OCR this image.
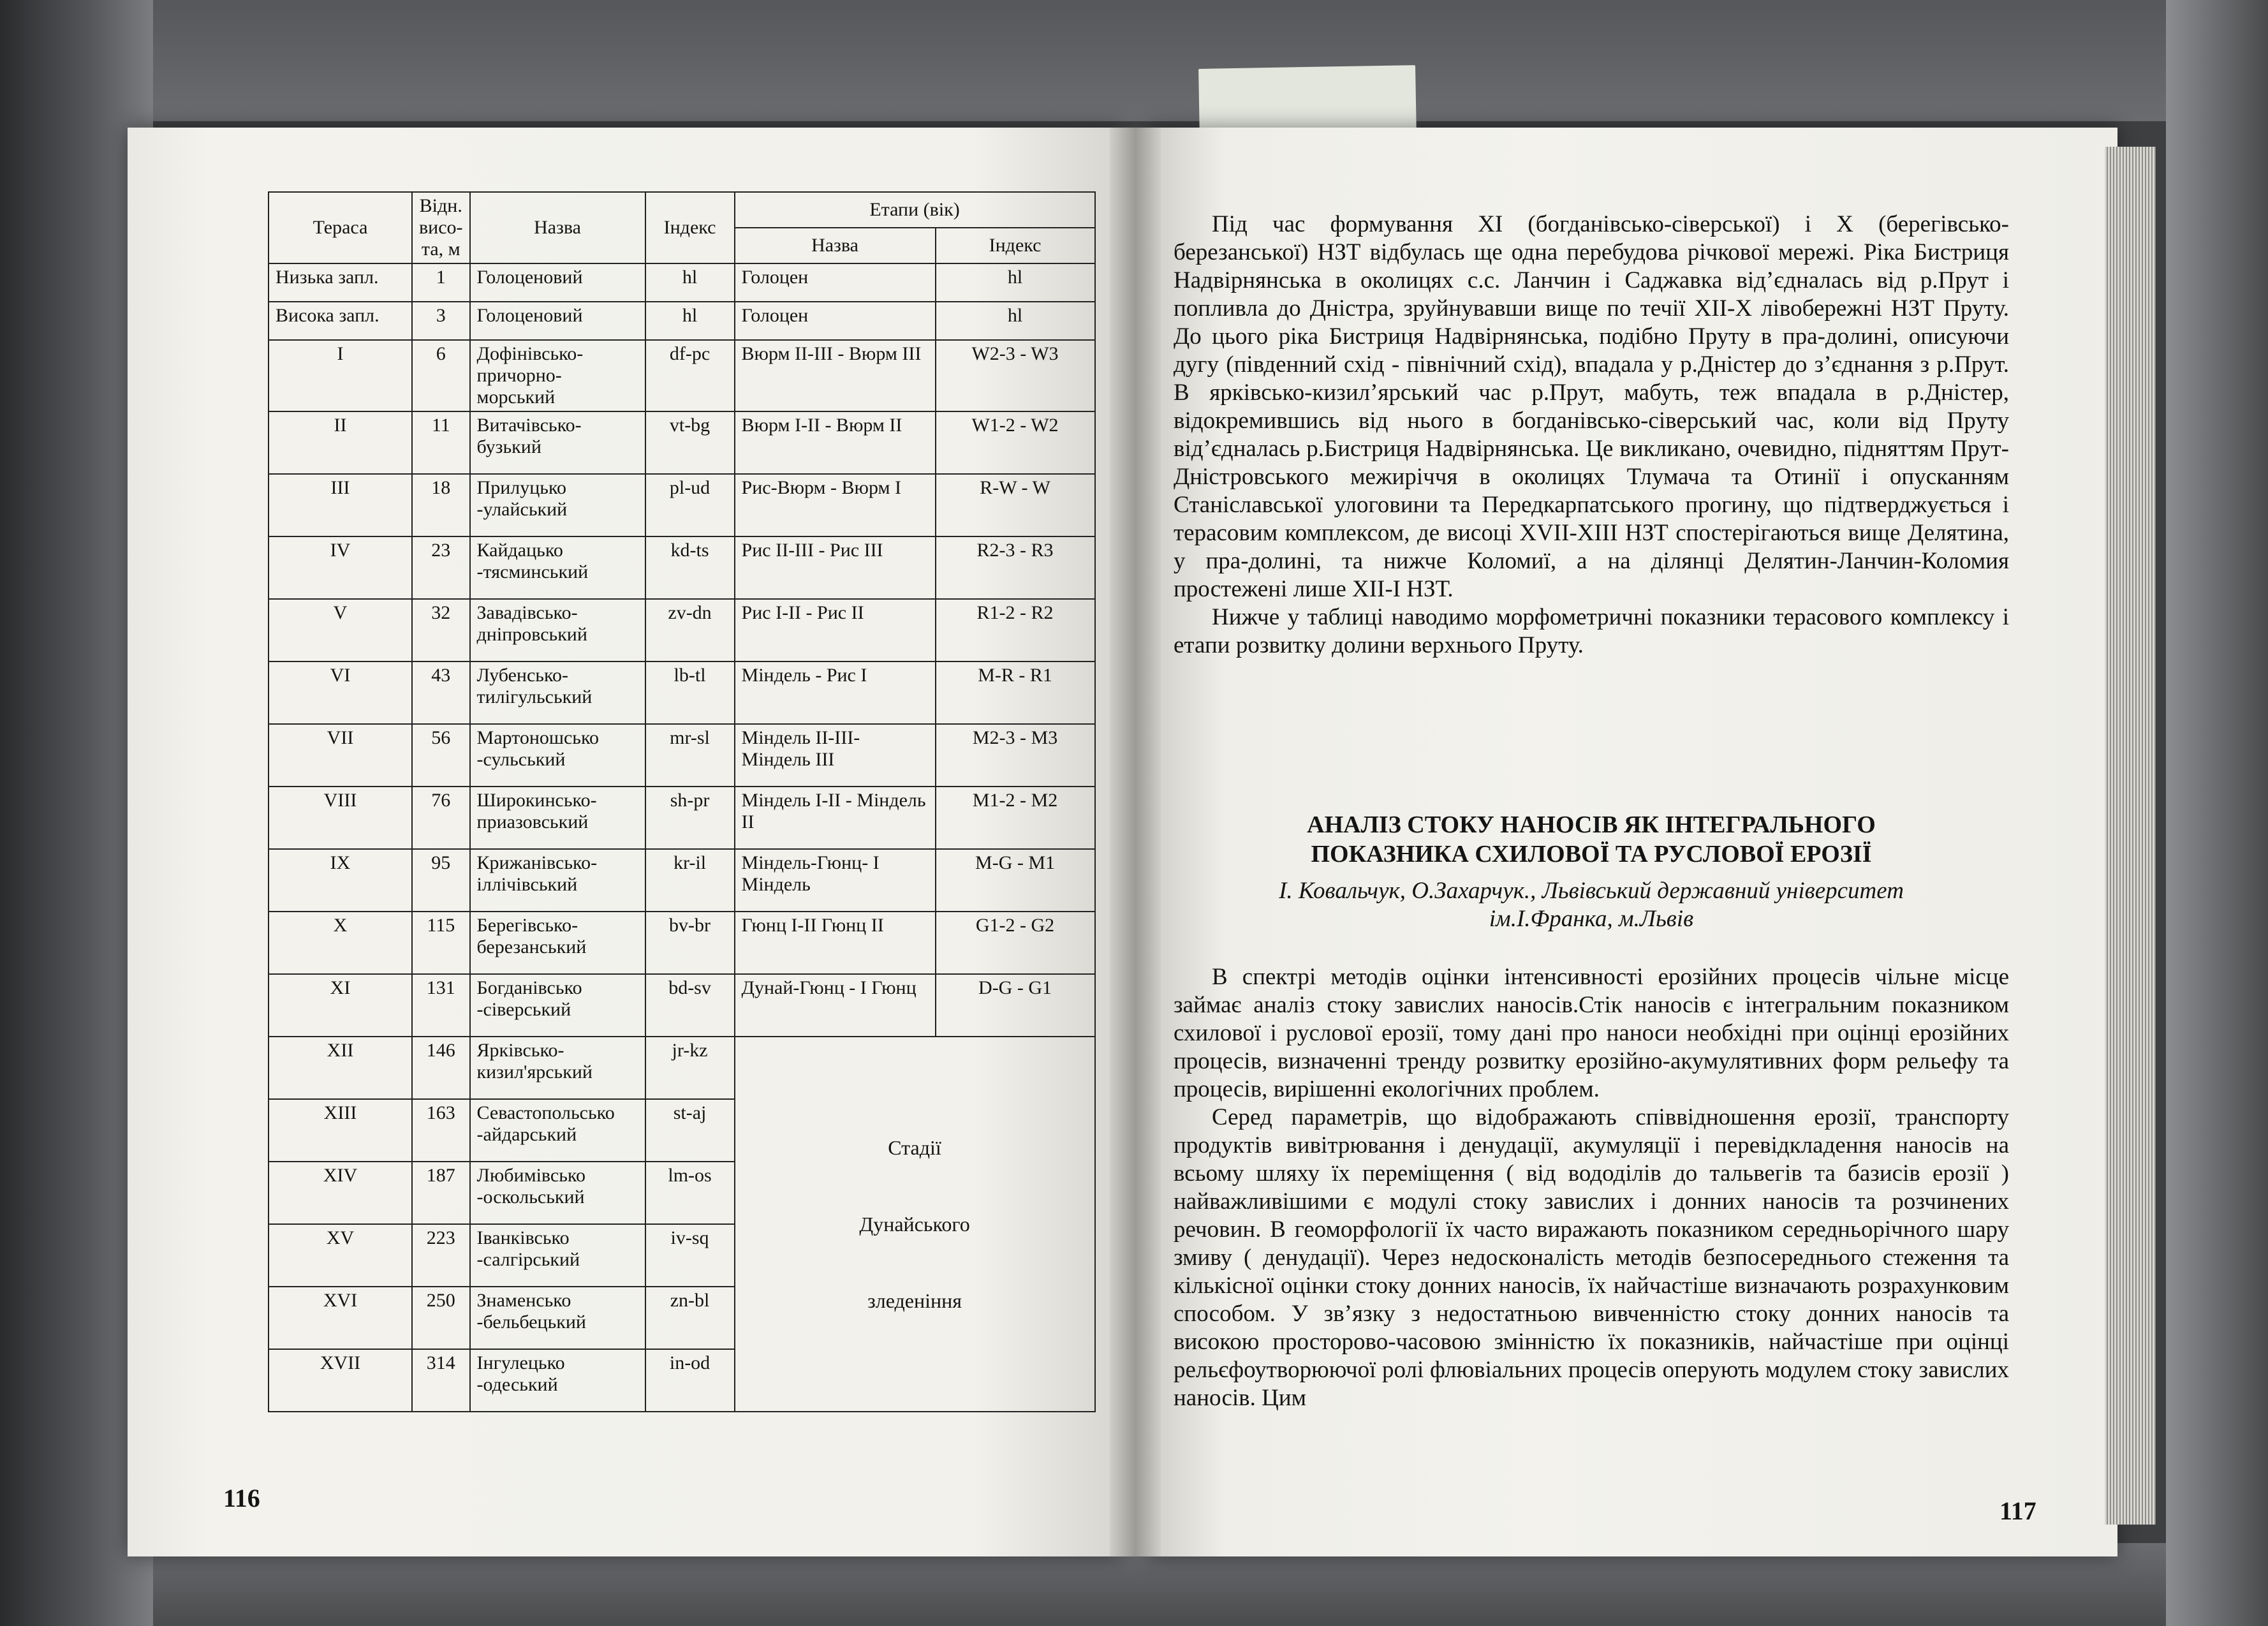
Тераса	Відн. висо-та, м	Назва	Індекс	Етапи (вік)	
				Назва	Індекс
Низька запл.	1	Голоценовий	hl	Голоцен	hl
Висока запл.	3	Голоценовий	hl	Голоцен	hl
I	6	Дофінівсько-причорно-морський	df-pc	Вюрм II-III - Вюрм III	W2-3 - W3
II	11	Витачівсько-бузький	vt-bg	Вюрм I-II - Вюрм II	W1-2 - W2
III	18	Прилуцько -улайський	pl-ud	Рис-Вюрм - Вюрм I	R-W - W
IV	23	Кайдацько -тясминський	kd-ts	Рис II-III - Рис III	R2-3 - R3
V	32	Завадівсько-дніпровський	zv-dn	Рис I-II - Рис II	R1-2 - R2
VI	43	Лубенсько-тилігульський	lb-tl	Міндель - Рис I	M-R - R1
VII	56	Мартоношсько -сульський	mr-sl	Міндель II-III- Міндель III	M2-3 - M3
VIII	76	Широкинсько-приазовський	sh-pr	Міндель I-II - Міндель II	M1-2 - M2
IX	95	Крижанівсько-іллічівський	kr-il	Міндель-Гюнц- I Міндель	M-G - M1
X	115	Берегівсько-березанський	bv-br	Гюнц I-II Гюнц II	G1-2 - G2
XI	131	Богданівсько -сіверський	bd-sv	Дунай-Гюнц - I Гюнц	D-G - G1
XII	146	Ярківсько-кизил'ярський	jr-kz	Стадії
Дунайського
зледеніння	

XIII	163	Севастопольсько -айдарський	st-aj		
XIV	187	Любимівсько -оскольський	lm-os		
XV	223	Іванківсько -салгірський	iv-sq		
XVI	250	Знаменсько -бельбецький	zn-bl		
XVII	314	Інгулецько -одеський	in-od		
116

Під час формування XI (богданівсько-сіверської) і X (берегівсько-березанської) НЗТ відбулась ще одна перебудова річкової мережі. Ріка Бистриця Надвірнянська в околицях с.с. Ланчин і Саджавка від’єдналась від р.Прут і попливла до Дністра, зруйнувавши вище по течії XII-X лівобережні НЗТ Пруту. До цього ріка Бистриця Надвірнянська, подібно Пруту в пра-долині, описуючи дугу (південний схід - північний схід), впадала у р.Дністер до з’єднання з р.Прут. В ярківсько-кизил’ярський час р.Прут, мабуть, теж впадала в р.Дністер, відокремившись від нього в богданівсько-сіверський час, коли від Пруту від’єдналась р.Бистриця Надвірнянська. Це викликано, очевидно, підняттям Прут-Дністровського межиріччя в околицях Тлумача та Отинії і опусканням Станіславської улоговини та Передкарпатського прогину, що підтверджується і терасовим комплексом, де висоці XVII-XIII НЗТ спостерігаються вище Делятина, у пра-долині, та нижче Коломиї, а на ділянці Делятин-Ланчин-Коломия простежені лише XII-I НЗТ.

Нижче у таблиці наводимо морфометричні показники терасового комплексу і етапи розвитку долини верхнього Пруту.

АНАЛІЗ СТОКУ НАНОСІВ ЯК ІНТЕГРАЛЬНОГО
ПОКАЗНИКА СХИЛОВОЇ ТА РУСЛОВОЇ ЕРОЗІЇ
І. Ковальчук, О.Захарчук., Львівський державний університет
ім.І.Франка, м.Львів

В спектрі методів оцінки інтенсивності ерозійних процесів чільне місце займає аналіз стоку завислих наносів.Стік наносів є інтегральним показником схилової і руслової ерозії, тому дані про наноси необхідні при оцінці ерозійних процесів, визначенні тренду розвитку ерозійно-акумулятивних форм рельефу та процесів, вирішенні екологічних проблем.

Серед параметрів, що відображають співвідношення ерозії, транспорту продуктів вивітрювання і денудації, акумуляції і перевідкладення наносів на всьому шляху їх переміщення ( від вододілів до тальвегів та базисів ерозії ) найважливішими є модулі стоку завислих і донних наносів та розчинених речовин. В геоморфології їх часто виражають показником середньорічного шару змиву ( денудації). Через недосконалість методів безпосереднього стеження та кількісної оцінки стоку донних наносів, їх найчастіше визначають розрахунковим способом. У зв’язку з недостатньою вивченністю стоку донних наносів та високою просторово-часовою змінністю їх показників, найчастіше при оцінці рельєфоутворюючої ролі флювіальних процесів оперують модулем стоку завислих наносів. Цим

117
